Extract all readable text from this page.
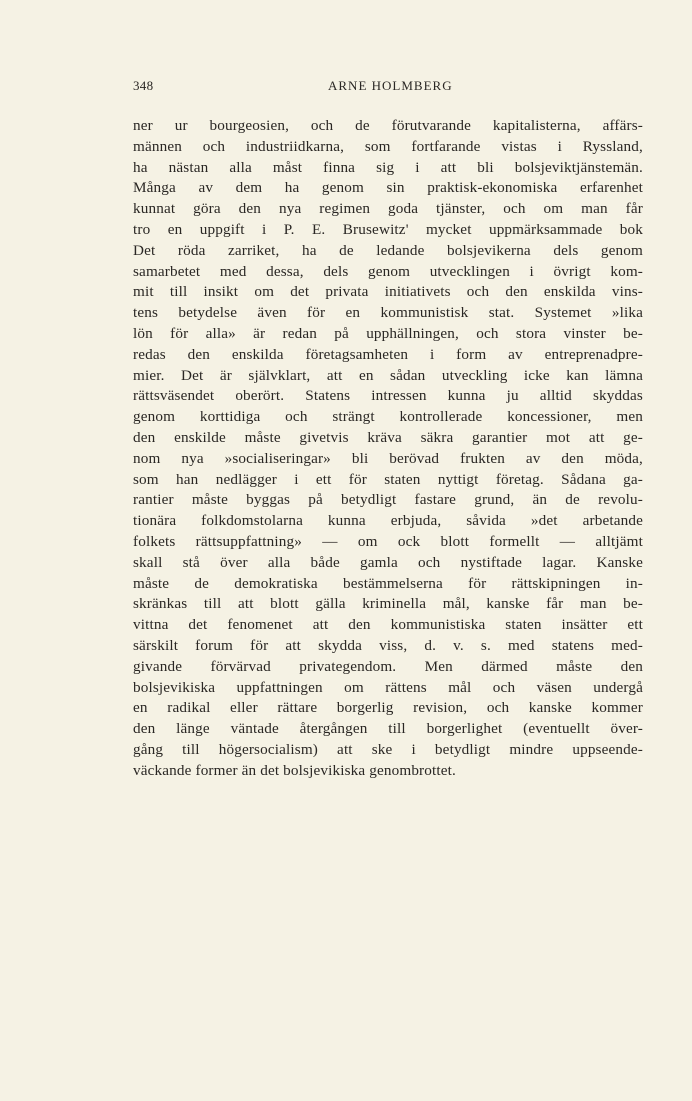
348	ARNE HOLMBERG
ner ur bourgeosien, och de förutvarande kapitalisterna, affärs-
männen och industriidkarna, som fortfarande vistas i Ryssland,
ha nästan alla måst finna sig i att bli bolsjeviktjänstemän.
Många av dem ha genom sin praktisk-ekonomiska erfarenhet
kunnat göra den nya regimen goda tjänster, och om man får
tro en uppgift i P. E. Brusewitz' mycket uppmärksammade bok
Det röda zarriket, ha de ledande bolsjevikerna dels genom
samarbetet med dessa, dels genom utvecklingen i övrigt kom-
mit till insikt om det privata initiativets och den enskilda vins-
tens betydelse även för en kommunistisk stat. Systemet »lika
lön för alla» är redan på upphällningen, och stora vinster be-
redas den enskilda företagsamheten i form av entreprenadpre-
mier. Det är självklart, att en sådan utveckling icke kan lämna
rättsväsendet oberört. Statens intressen kunna ju alltid skyddas
genom korttidiga och strängt kontrollerade koncessioner, men
den enskilde måste givetvis kräva säkra garantier mot att ge-
nom nya »socialiseringar» bli berövad frukten av den möda,
som han nedlägger i ett för staten nyttigt företag. Sådana ga-
rantier måste byggas på betydligt fastare grund, än de revolu-
tionära folkdomstolarna kunna erbjuda, såvida »det arbetande
folkets rättsuppfattning» — om ock blott formellt — alltjämt
skall stå över alla både gamla och nystiftade lagar. Kanske
måste de demokratiska bestämmelserna för rättskipningen in-
skränkas till att blott gälla kriminella mål, kanske får man be-
vittna det fenomenet att den kommunistiska staten insätter ett
särskilt forum för att skydda viss, d. v. s. med statens med-
givande förvärvad privategendom. Men därmed måste den
bolsjevikiska uppfattningen om rättens mål och väsen undergå
en radikal eller rättare borgerlig revision, och kanske kommer
den länge väntade återgången till borgerlighet (eventuellt över-
gång till högersocialism) att ske i betydligt mindre uppseende-
väckande former än det bolsjevikiska genombrottet.
